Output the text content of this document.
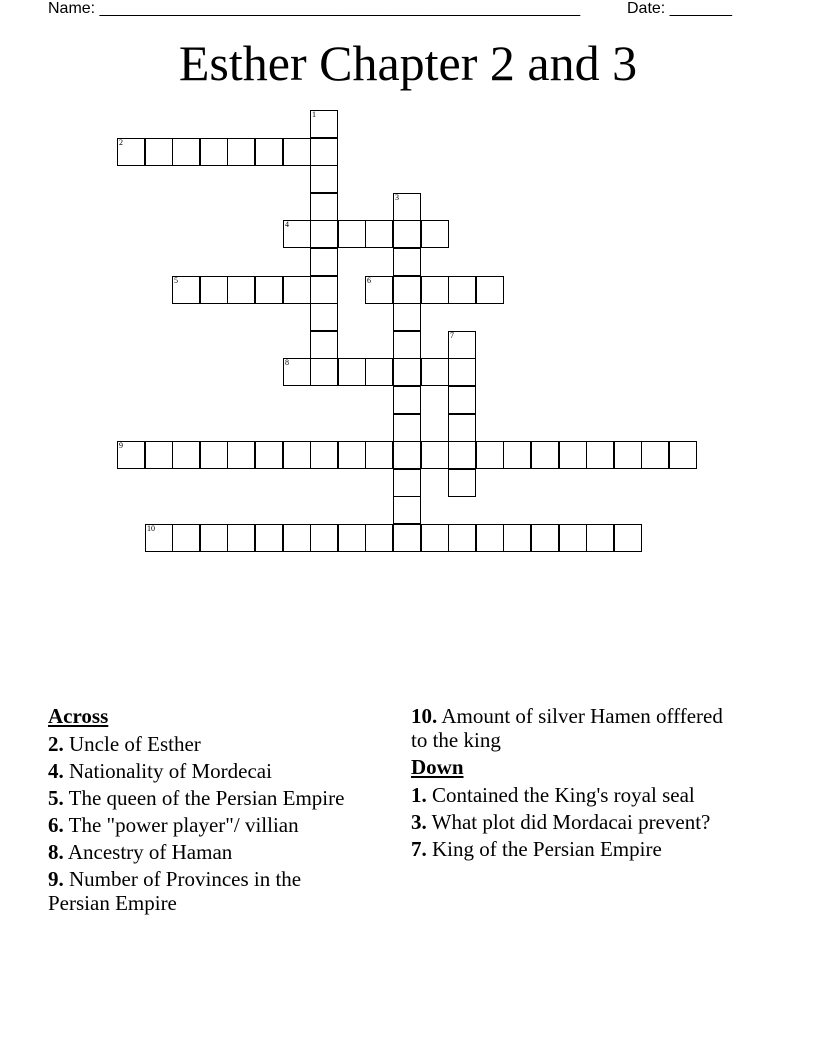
Name: ______________________________________________________	Date: _______
Esther Chapter 2 and 3
1
2
3
4
5	6
7
8
9
10
Across
2. Uncle of Esther
4. Nationality of Mordecai
5. The queen of the Persian Empire
6. The "power player"/ villian
8. Ancestry of Haman
9. Number of Provinces in the Persian Empire
10. Amount of silver Hamen offfered to the king
Down
1. Contained the King's royal seal
3. What plot did Mordacai prevent?
7. King of the Persian Empire
